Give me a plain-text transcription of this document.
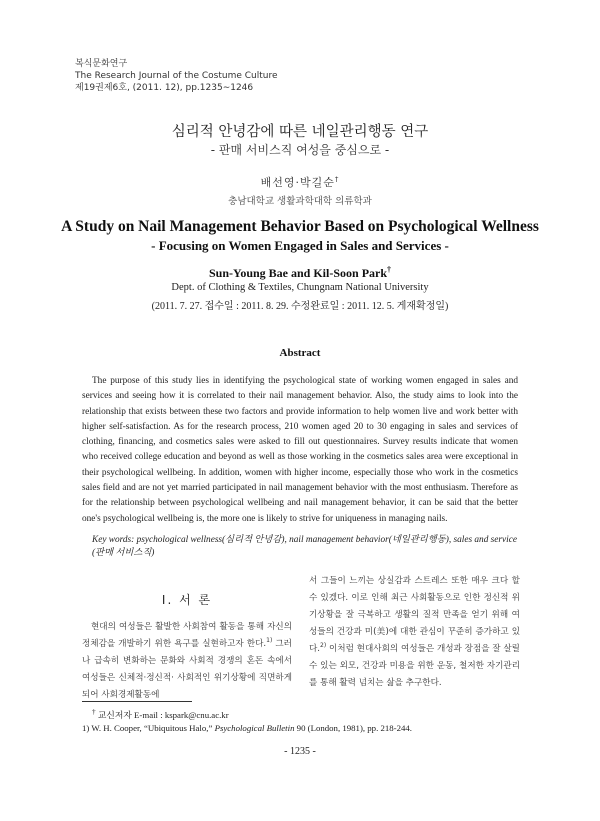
복식문화연구
The Research Journal of the Costume Culture
제19권제6호, (2011. 12), pp.1235∼1246
심리적 안녕감에 따른 네일관리행동 연구
- 판매 서비스직 여성을 중심으로 -
배선영·박길순†
충남대학교 생활과학대학 의류학과
A Study on Nail Management Behavior Based on Psychological Wellness
- Focusing on Women Engaged in Sales and Services -
Sun-Young Bae and Kil-Soon Park†
Dept. of Clothing & Textiles, Chungnam National University
(2011. 7. 27. 접수일 : 2011. 8. 29. 수정완료일 : 2011. 12. 5. 게재확정일)
Abstract
The purpose of this study lies in identifying the psychological state of working women engaged in sales and services and seeing how it is correlated to their nail management behavior. Also, the study aims to look into the relationship that exists between these two factors and provide information to help women live and work better with higher self-satisfaction. As for the research process, 210 women aged 20 to 30 engaging in sales and services of clothing, financing, and cosmetics sales were asked to fill out questionnaires. Survey results indicate that women who received college education and beyond as well as those working in the cosmetics sales area were exceptional in their psychological wellbeing. In addition, women with higher income, especially those who work in the cosmetics sales field and are not yet married participated in nail management behavior with the most enthusiasm. Therefore as for the relationship between psychological wellbeing and nail management behavior, it can be said that the better one's psychological wellbeing is, the more one is likely to strive for uniqueness in managing nails.
Key words: psychological wellness(심리적 안녕감), nail management behavior(네일관리행동), sales and service (판매 서비스직)
Ⅰ. 서 론
현대의 여성들은 활발한 사회참여 활동을 통해 자신의 정체감을 개발하기 위한 욕구를 실현하고자 한다.$^{1)}$ 그러나 급속히 변화하는 문화와 사회적 경쟁의 혼돈 속에서 여성들은 신체적·정신적· 사회적인 위기상황에 직면하게 되어 사회경제활동에
서 그들이 느끼는 상실감과 스트레스 또한 매우 크다 할 수 있겠다. 이로 인해 최근 사회활동으로 인한 정신적 위기상황을 잘 극복하고 생활의 질적 만족을 얻기 위해 여성들의 건강과 미(美)에 대한 관심이 꾸준히 증가하고 있다.$^{2)}$ 이처럼 현대사회의 여성들은 개성과 장점을 잘 살릴 수 있는 외모, 건강과 미용을 위한 운동, 철저한 자기관리를 통해 활력 넘치는 삶을 추구한다.
† 교신저자 E-mail : kspark@cnu.ac.kr
1) W. H. Cooper, “Ubiquitous Halo,” Psychological Bulletin 90 (London, 1981), pp. 218-244.
- 1235 -
